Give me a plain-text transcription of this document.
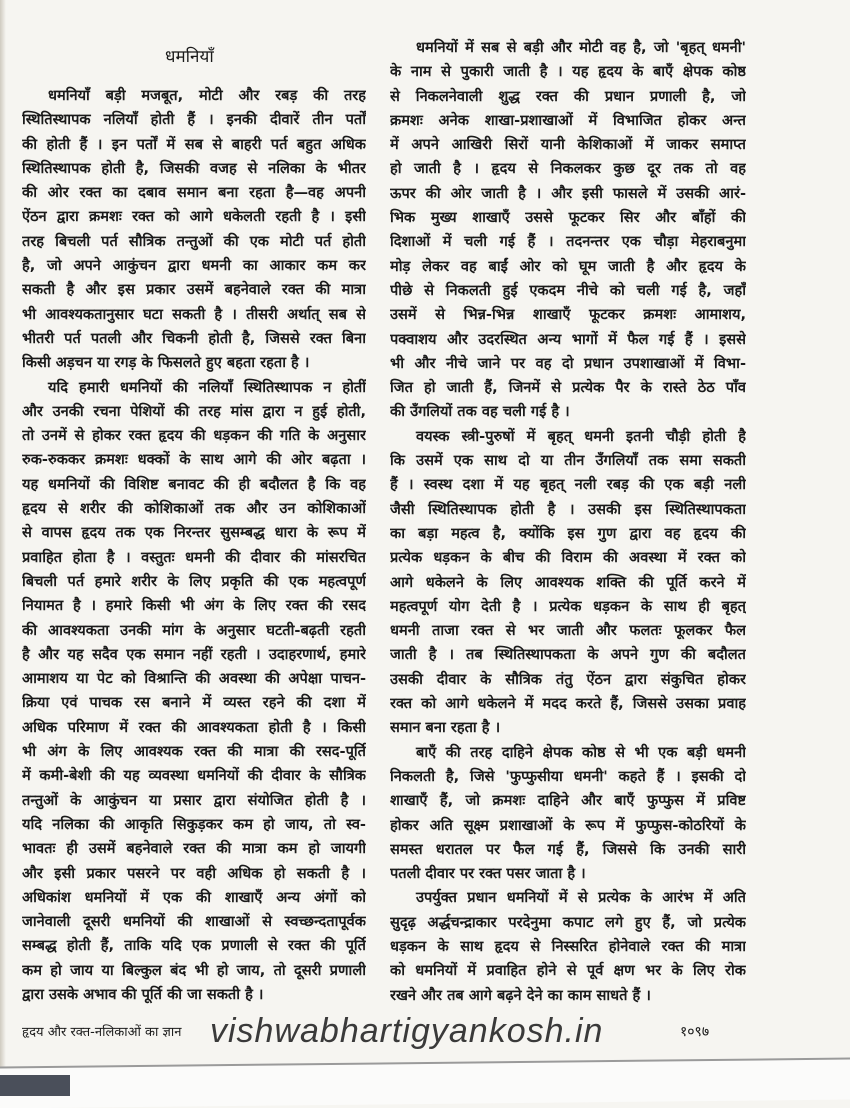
धमनियाँ
धमनियाँ बड़ी मजबूत, मोटी और रबड़ की तरह
स्थितिस्थापक नलियाँ होती हैं । इनकी दीवारें तीन पर्तों
की होती हैं । इन पर्तों में सब से बाहरी पर्त बहुत अधिक
स्थितिस्थापक होती है, जिसकी वजह से नलिका के भीतर
की ओर रक्त का दबाव समान बना रहता है—वह अपनी
ऐंठन द्वारा क्रमशः रक्त को आगे धकेलती रहती है । इसी
तरह बिचली पर्त सौत्रिक तन्तुओं की एक मोटी पर्त होती
है, जो अपने आकुंचन द्वारा धमनी का आकार कम कर
सकती है और इस प्रकार उसमें बहनेवाले रक्त की मात्रा
भी आवश्यकतानुसार घटा सकती है । तीसरी अर्थात् सब से
भीतरी पर्त पतली और चिकनी होती है, जिससे रक्त बिना
किसी अड़चन या रगड़ के फिसलते हुए बहता रहता है ।
यदि हमारी धमनियों की नलियाँ स्थितिस्थापक न होतीं
और उनकी रचना पेशियों की तरह मांस द्वारा न हुई होती,
तो उनमें से होकर रक्त हृदय की धड़कन की गति के अनुसार
रुक-रुककर क्रमशः धक्कों के साथ आगे की ओर बढ़ता ।
यह धमनियों की विशिष्ट बनावट की ही बदौलत है कि वह
हृदय से शरीर की कोशिकाओं तक और उन कोशिकाओं
से वापस हृदय तक एक निरन्तर सुसम्बद्ध धारा के रूप में
प्रवाहित होता है । वस्तुतः धमनी की दीवार की मांसरचित
बिचली पर्त हमारे शरीर के लिए प्रकृति की एक महत्वपूर्ण
नियामत है । हमारे किसी भी अंग के लिए रक्त की रसद
की आवश्यकता उनकी मांग के अनुसार घटती-बढ़ती रहती
है और यह सदैव एक समान नहीं रहती । उदाहरणार्थ, हमारे
आमाशय या पेट को विश्रान्ति की अवस्था की अपेक्षा पाचन-
क्रिया एवं पाचक रस बनाने में व्यस्त रहने की दशा में
अधिक परिमाण में रक्त की आवश्यकता होती है । किसी
भी अंग के लिए आवश्यक रक्त की मात्रा की रसद-पूर्ति
में कमी-बेशी की यह व्यवस्था धमनियों की दीवार के सौत्रिक
तन्तुओं के आकुंचन या प्रसार द्वारा संयोजित होती है ।
यदि नलिका की आकृति सिकुड़कर कम हो जाय, तो स्व-
भावतः ही उसमें बहनेवाले रक्त की मात्रा कम हो जायगी
और इसी प्रकार पसरने पर वही अधिक हो सकती है ।
अधिकांश धमनियों में एक की शाखाएँ अन्य अंगों को
जानेवाली दूसरी धमनियों की शाखाओं से स्वच्छन्दतापूर्वक
सम्बद्ध होती हैं, ताकि यदि एक प्रणाली से रक्त की पूर्ति
कम हो जाय या बिल्कुल बंद भी हो जाय, तो दूसरी प्रणाली
द्वारा उसके अभाव की पूर्ति की जा सकती है ।
धमनियों में सब से बड़ी और मोटी वह है, जो 'बृहत् धमनी'
के नाम से पुकारी जाती है । यह हृदय के बाएँ क्षेपक कोष्ठ
से निकलनेवाली शुद्ध रक्त की प्रधान प्रणाली है, जो
क्रमशः अनेक शाखा-प्रशाखाओं में विभाजित होकर अन्त
में अपने आखिरी सिरों यानी केशिकाओं में जाकर समाप्त
हो जाती है । हृदय से निकलकर कुछ दूर तक तो वह
ऊपर की ओर जाती है । और इसी फासले में उसकी आरं-
भिक मुख्य शाखाएँ उससे फूटकर सिर और बाँहों की
दिशाओं में चली गई हैं । तदनन्तर एक चौड़ा मेहराबनुमा
मोड़ लेकर वह बाईं ओर को घूम जाती है और हृदय के
पीछे से निकलती हुई एकदम नीचे को चली गई है, जहाँ
उसमें से भिन्न-भिन्न शाखाएँ फूटकर क्रमशः आमाशय,
पक्वाशय और उदरस्थित अन्य भागों में फैल गई हैं । इससे
भी और नीचे जाने पर वह दो प्रधान उपशाखाओं में विभा-
जित हो जाती हैं, जिनमें से प्रत्येक पैर के रास्ते ठेठ पाँव
की उँगलियों तक वह चली गई है ।
वयस्क स्त्री-पुरुषों में बृहत् धमनी इतनी चौड़ी होती है
कि उसमें एक साथ दो या तीन उँगलियाँ तक समा सकती
हैं । स्वस्थ दशा में यह बृहत् नली रबड़ की एक बड़ी नली
जैसी स्थितिस्थापक होती है । उसकी इस स्थितिस्थापकता
का बड़ा महत्व है, क्योंकि इस गुण द्वारा वह हृदय की
प्रत्येक धड़कन के बीच की विराम की अवस्था में रक्त को
आगे धकेलने के लिए आवश्यक शक्ति की पूर्ति करने में
महत्वपूर्ण योग देती है । प्रत्येक धड़कन के साथ ही बृहत्
धमनी ताजा रक्त से भर जाती और फलतः फूलकर फैल
जाती है । तब स्थितिस्थापकता के अपने गुण की बदौलत
उसकी दीवार के सौत्रिक तंतु ऐंठन द्वारा संकुचित होकर
रक्त को आगे धकेलने में मदद करते हैं, जिससे उसका प्रवाह
समान बना रहता है ।
बाएँ की तरह दाहिने क्षेपक कोष्ठ से भी एक बड़ी धमनी
निकलती है, जिसे 'फुप्फुसीया धमनी' कहते हैं । इसकी दो
शाखाएँ हैं, जो क्रमशः दाहिने और बाएँ फुप्फुस में प्रविष्ट
होकर अति सूक्ष्म प्रशाखाओं के रूप में फुप्फुस-कोठरियों के
समस्त धरातल पर फैल गई हैं, जिससे कि उनकी सारी
पतली दीवार पर रक्त पसर जाता है ।
उपर्युक्त प्रधान धमनियों में से प्रत्येक के आरंभ में अति
सुदृढ़ अर्द्धचन्द्राकार परदेनुमा कपाट लगे हुए हैं, जो प्रत्येक
धड़कन के साथ हृदय से निस्सरित होनेवाले रक्त की मात्रा
को धमनियों में प्रवाहित होने से पूर्व क्षण भर के लिए रोक
रखने और तब आगे बढ़ने देने का काम साधते हैं ।
हृदय और रक्त-नलिकाओं का ज्ञान vishwabhartigyankosh.in	१०९७
